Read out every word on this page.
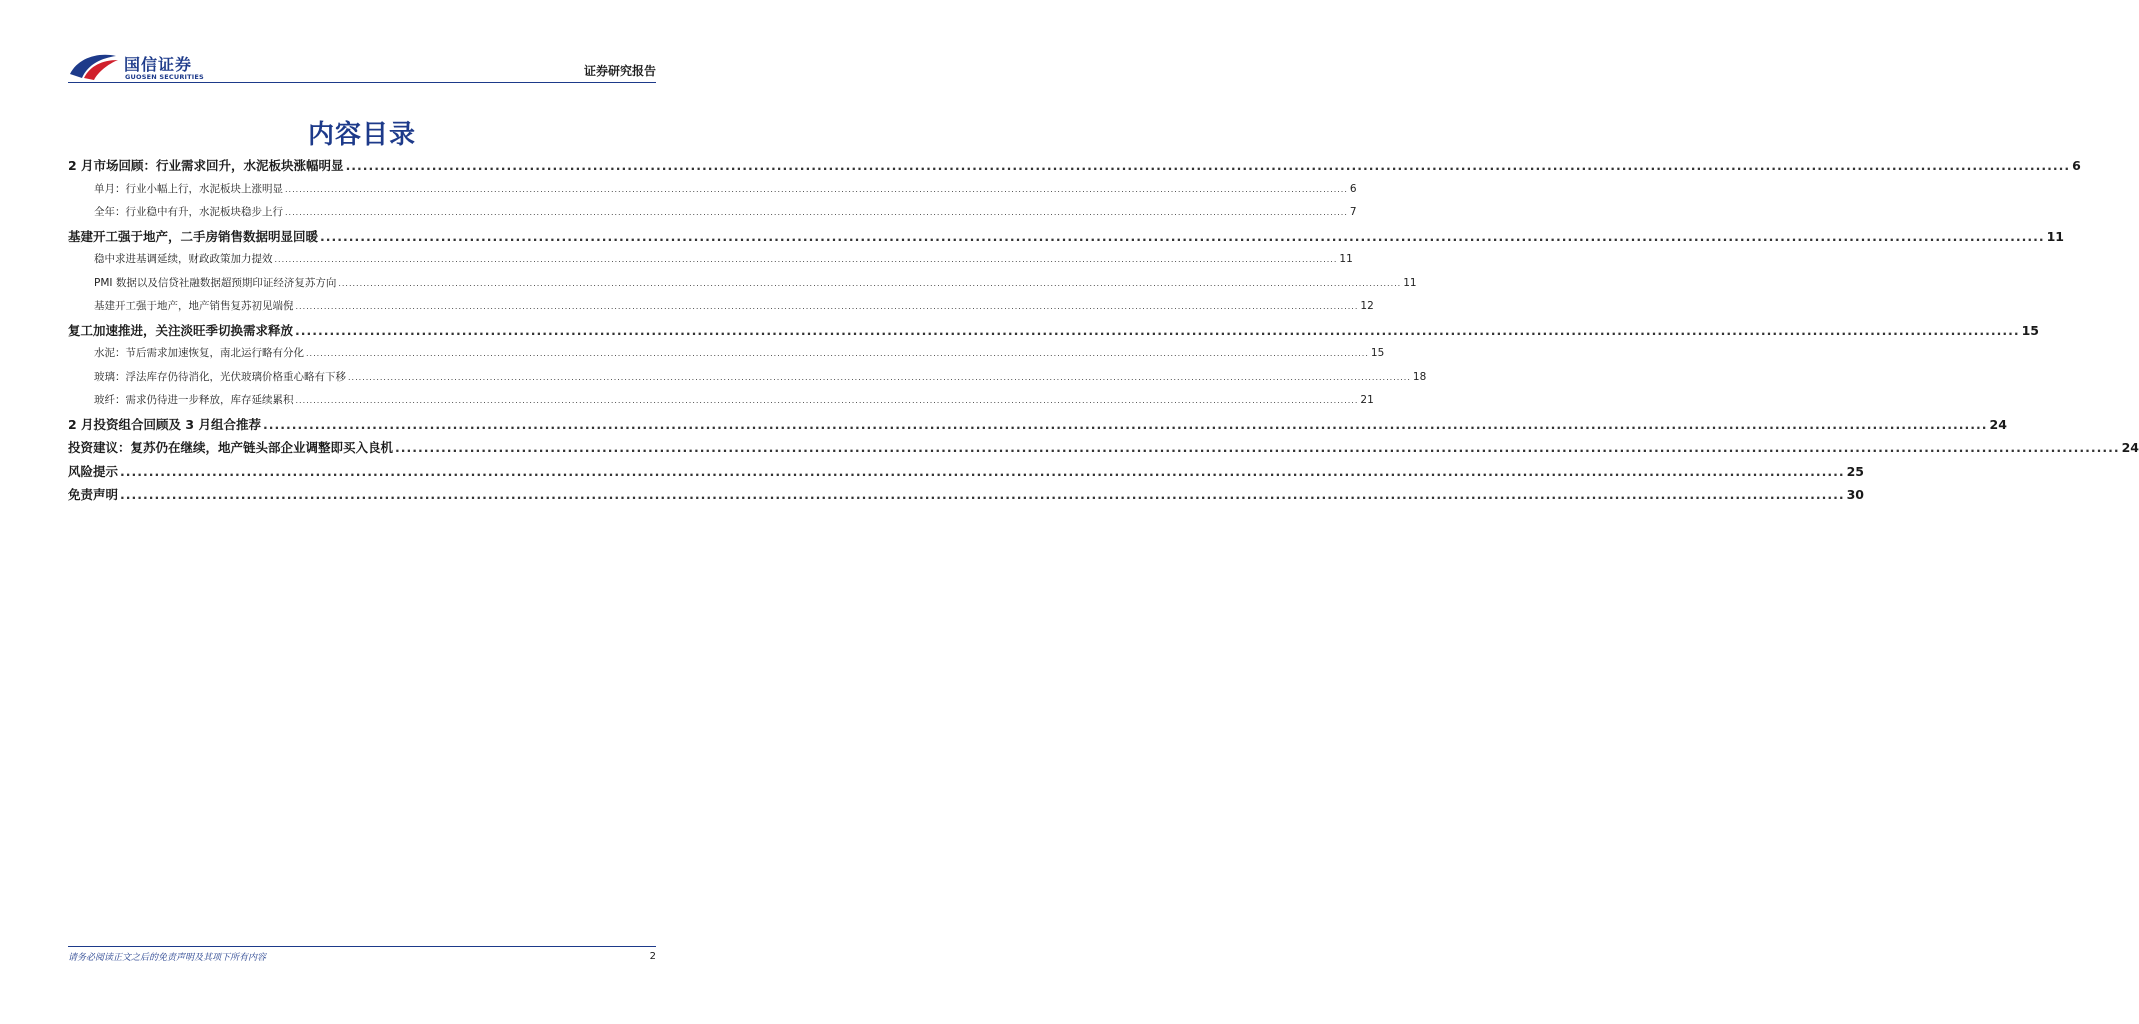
国信证券
GUOSEN SECURITIES	证券研究报告
内容目录
2 月市场回顾：行业需求回升，水泥板块涨幅明显 ............................................................................................................................................................................................................................................................................................................ 6
单月：行业小幅上行，水泥板块上涨明显 ............................................................................................................................................................................................................................................................................................................ 6
全年：行业稳中有升，水泥板块稳步上行 ............................................................................................................................................................................................................................................................................................................ 7
基建开工强于地产，二手房销售数据明显回暖 ............................................................................................................................................................................................................................................................................................................ 11
稳中求进基调延续，财政政策加力提效 ............................................................................................................................................................................................................................................................................................................ 11
PMI 数据以及信贷社融数据超预期印证经济复苏方向 ............................................................................................................................................................................................................................................................................................................ 11
基建开工强于地产，地产销售复苏初见端倪 ............................................................................................................................................................................................................................................................................................................ 12
复工加速推进，关注淡旺季切换需求释放 ............................................................................................................................................................................................................................................................................................................ 15
水泥：节后需求加速恢复，南北运行略有分化 ............................................................................................................................................................................................................................................................................................................ 15
玻璃：浮法库存仍待消化，光伏玻璃价格重心略有下移 ............................................................................................................................................................................................................................................................................................................ 18
玻纤：需求仍待进一步释放，库存延续累积 ............................................................................................................................................................................................................................................................................................................ 21
2 月投资组合回顾及 3 月组合推荐 ............................................................................................................................................................................................................................................................................................................ 24
投资建议：复苏仍在继续，地产链头部企业调整即买入良机 ............................................................................................................................................................................................................................................................................................................ 24
风险提示 ............................................................................................................................................................................................................................................................................................................ 25
免责声明 ............................................................................................................................................................................................................................................................................................................ 30
请务必阅读正文之后的免责声明及其项下所有内容	2
